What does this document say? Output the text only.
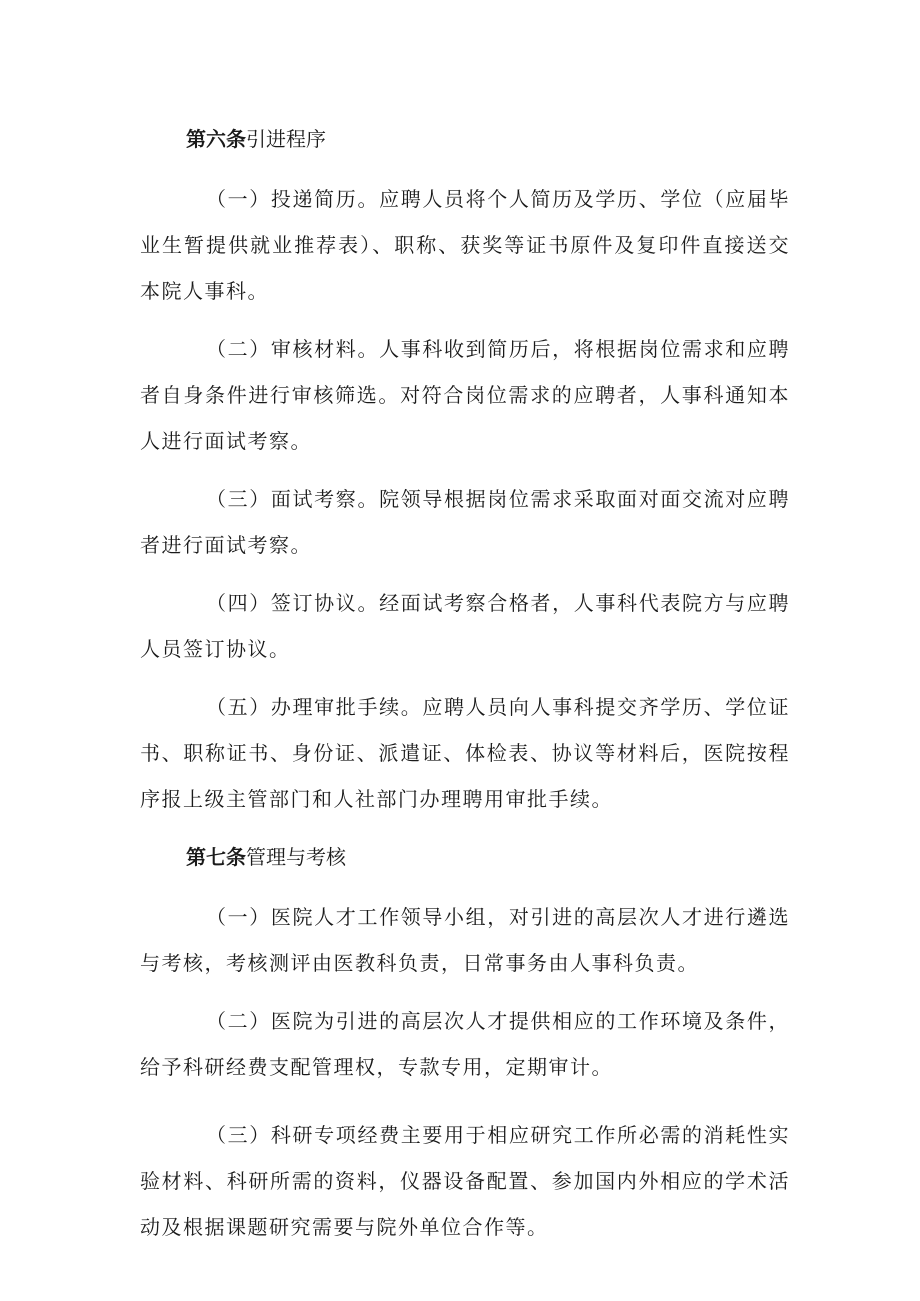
第六条引进程序

（一）投递简历。应聘人员将个人简历及学历、学位（应届毕业生暂提供就业推荐表）、职称、获奖等证书原件及复印件直接送交本院人事科。

（二）审核材料。人事科收到简历后，将根据岗位需求和应聘者自身条件进行审核筛选。对符合岗位需求的应聘者，人事科通知本人进行面试考察。

（三）面试考察。院领导根据岗位需求采取面对面交流对应聘者进行面试考察。

（四）签订协议。经面试考察合格者，人事科代表院方与应聘人员签订协议。

（五）办理审批手续。应聘人员向人事科提交齐学历、学位证书、职称证书、身份证、派遣证、体检表、协议等材料后，医院按程序报上级主管部门和人社部门办理聘用审批手续。

第七条管理与考核

（一）医院人才工作领导小组，对引进的高层次人才进行遴选与考核，考核测评由医教科负责，日常事务由人事科负责。

（二）医院为引进的高层次人才提供相应的工作环境及条件，给予科研经费支配管理权，专款专用，定期审计。

（三）科研专项经费主要用于相应研究工作所必需的消耗性实验材料、科研所需的资料，仪器设备配置、参加国内外相应的学术活动及根据课题研究需要与院外单位合作等。
